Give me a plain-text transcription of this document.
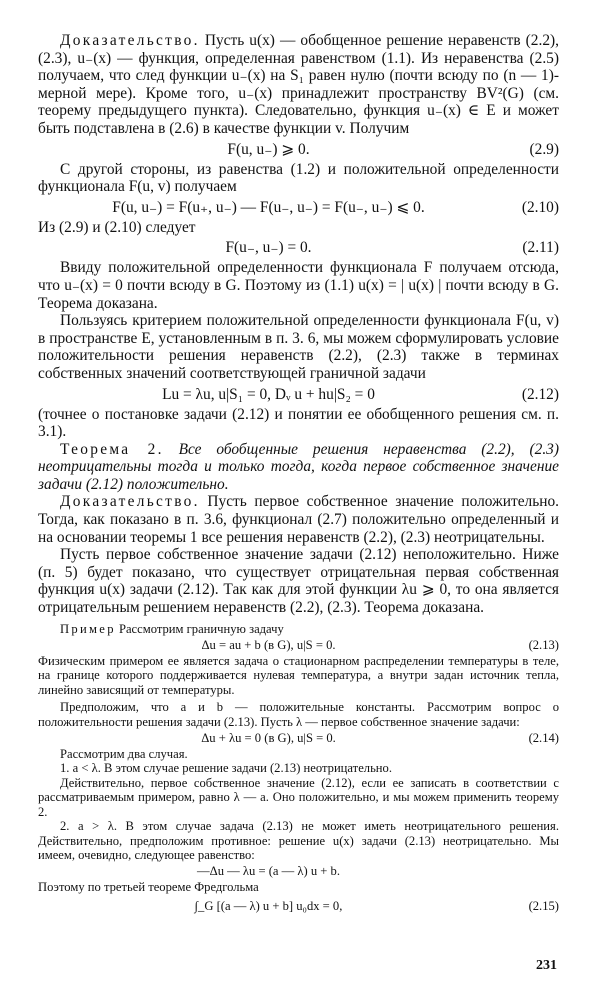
Доказательство. Пусть u(x) — обобщенное решение неравенств (2.2), (2.3), u₋(x) — функция, определенная равенством (1.1). Из неравенства (2.5) получаем, что след функции u₋(x) на S₁ равен нулю (почти всюду по (n — 1)-мерной мере). Кроме того, u₋(x) принадлежит пространству BV²(G) (см. теорему предыдущего пункта). Следовательно, функция u₋(x) ∈ E и может быть подставлена в (2.6) в качестве функции v. Получим

F(u, u₋) ⩾ 0.	(2.9)

С другой стороны, из равенства (1.2) и положительной определенности функционала F(u, v) получаем

F(u, u₋) = F(u₊, u₋) — F(u₋, u₋) = F(u₋, u₋) ⩽ 0.	(2.10)

Из (2.9) и (2.10) следует

F(u₋, u₋) = 0.	(2.11)

Ввиду положительной определенности функционала F получаем отсюда, что u₋(x) = 0 почти всюду в G. Поэтому из (1.1) u(x) = | u(x) | почти всюду в G. Теорема доказана.

Пользуясь критерием положительной определенности функционала F(u, v) в пространстве E, установленным в п. 3. 6, мы можем сформулировать условие положительности решения неравенств (2.2), (2.3) также в терминах собственных значений соответствующей граничной задачи

Lu = λu, u|S₁ = 0, Dᵥ u + hu|S₂ = 0	(2.12)

(точнее о постановке задачи (2.12) и понятии ее обобщенного решения см. п. 3.1).

Теорема 2. Все обобщенные решения неравенства (2.2), (2.3) неотрицательны тогда и только тогда, когда первое собственное значение задачи (2.12) положительно.

Доказательство. Пусть первое собственное значение положительно. Тогда, как показано в п. 3.6, функционал (2.7) положительно определенный и на основании теоремы 1 все решения неравенств (2.2), (2.3) неотрицательны.

Пусть первое собственное значение задачи (2.12) неположительно. Ниже (п. 5) будет показано, что существует отрицательная первая собственная функция u(x) задачи (2.12). Так как для этой функции λu ⩾ 0, то она является отрицательным решением неравенств (2.2), (2.3). Теорема доказана.

Пример Рассмотрим граничную задачу

Δu = au + b (в G), u|S = 0.	(2.13)

Физическим примером ее является задача о стационарном распределении температуры в теле, на границе которого поддерживается нулевая температура, а внутри задан источник тепла, линейно зависящий от температуры.

Предположим, что a и b — положительные константы. Рассмотрим вопрос о положительности решения задачи (2.13). Пусть λ — первое собственное значение задачи:

Δu + λu = 0 (в G), u|S = 0.	(2.14)

Рассмотрим два случая.

1. a < λ. В этом случае решение задачи (2.13) неотрицательно.

Действительно, первое собственное значение (2.12), если ее записать в соответствии с рассматриваемым примером, равно λ — a. Оно положительно, и мы можем применить теорему 2.

2. a > λ. В этом случае задача (2.13) не может иметь неотрицательного решения. Действительно, предположим противное: решение u(x) задачи (2.13) неотрицательно. Мы имеем, очевидно, следующее равенство:

—Δu — λu = (a — λ) u + b.

Поэтому по третьей теореме Фредгольма

∫_G [(a — λ) u + b] u₀dx = 0,	(2.15)
231
